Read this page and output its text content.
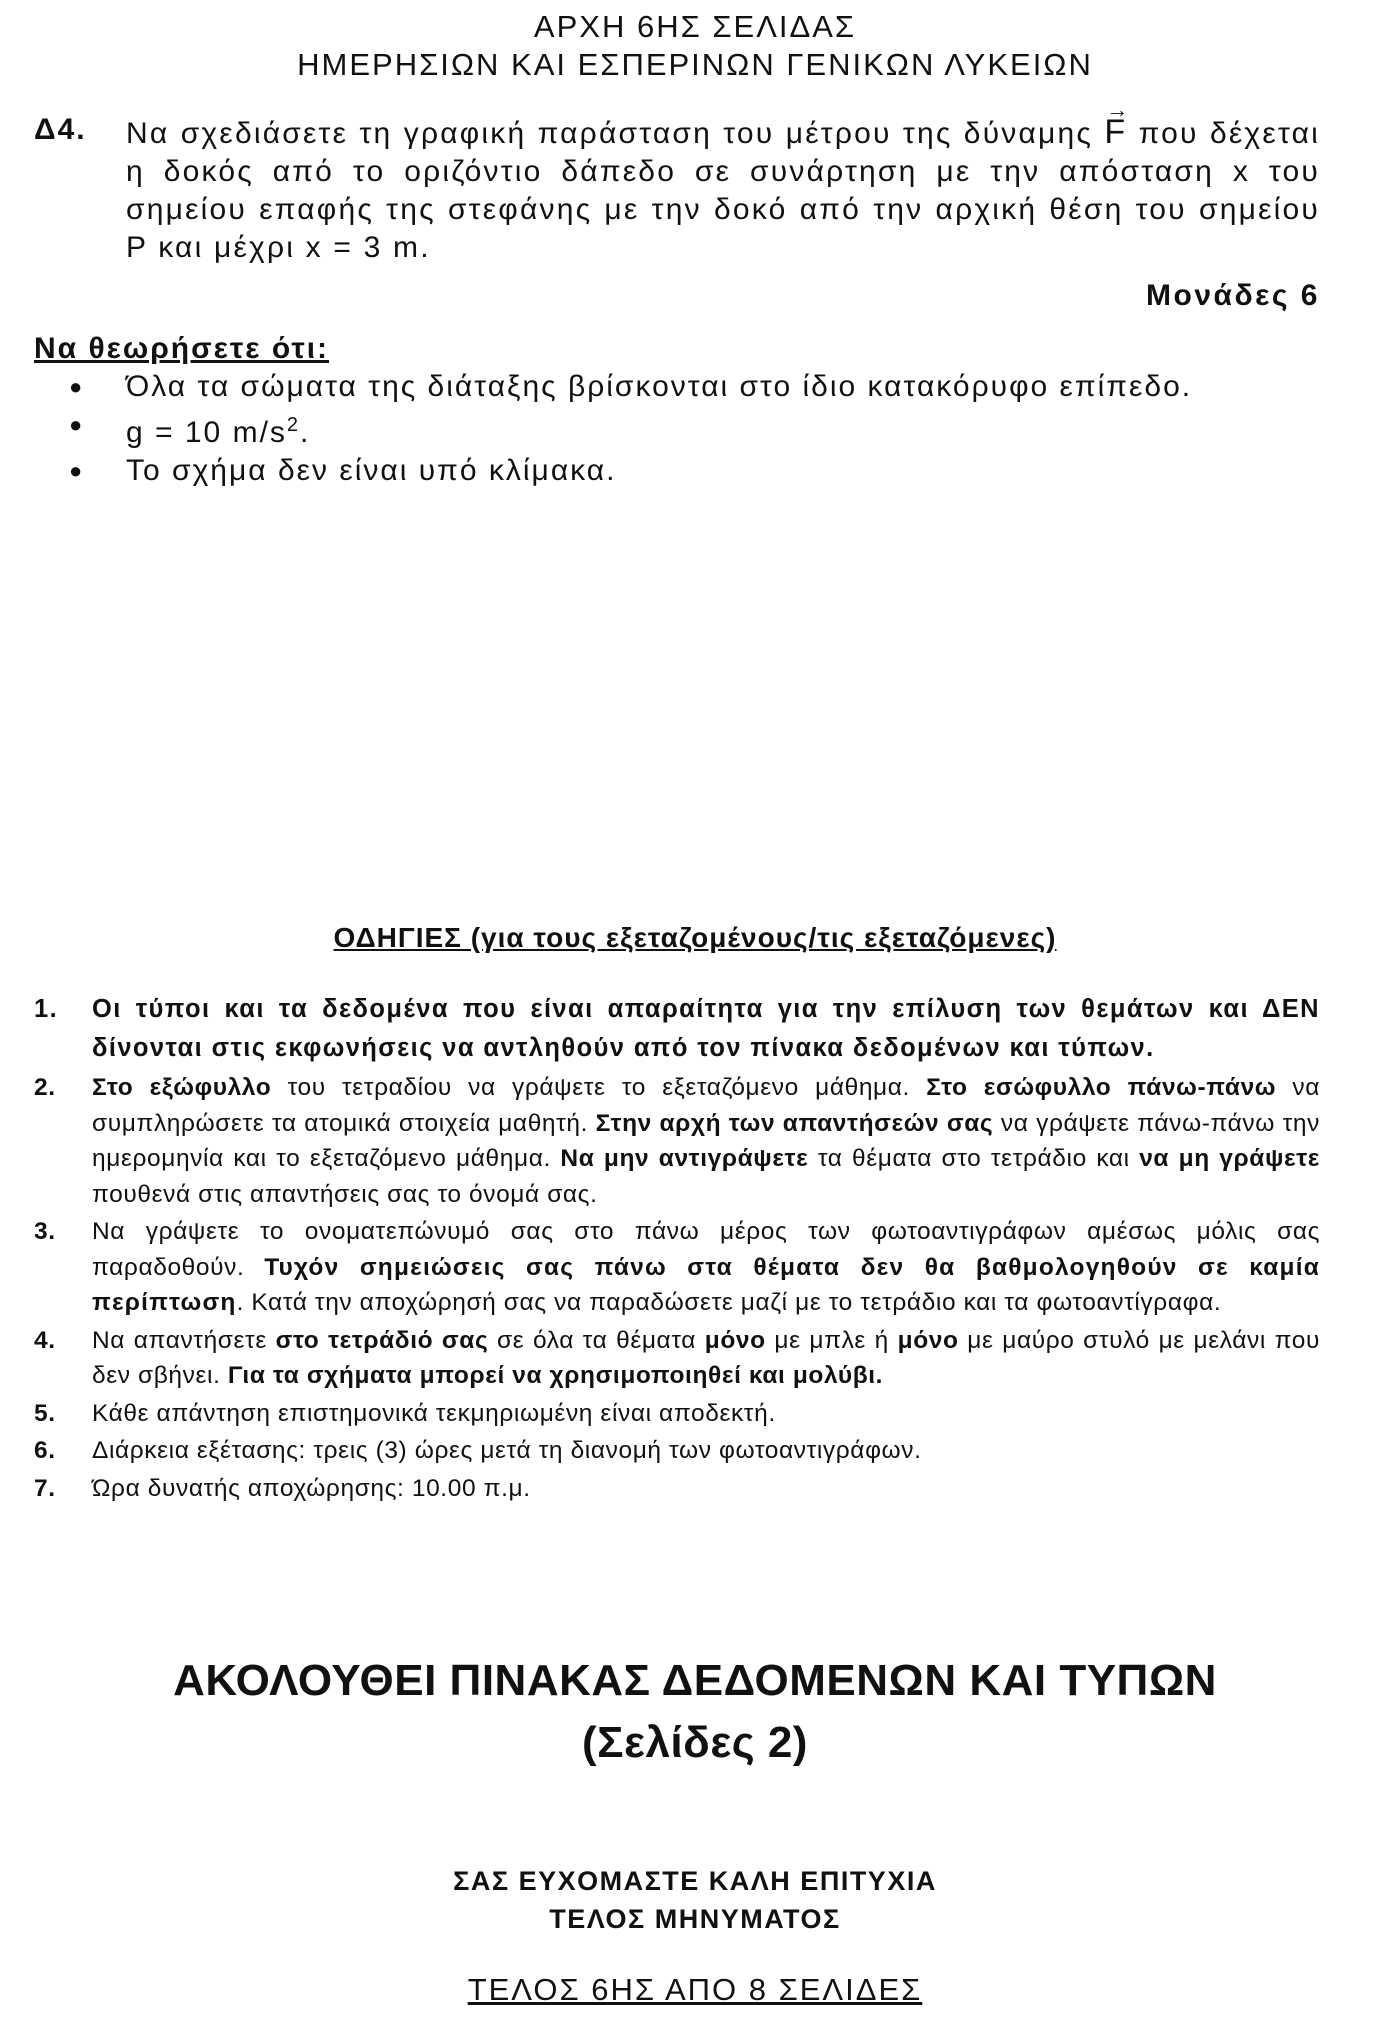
ΑΡΧΗ 6ΗΣ ΣΕΛΙΔΑΣ
ΗΜΕΡΗΣΙΩΝ ΚΑΙ ΕΣΠΕΡΙΝΩΝ ΓΕΝΙΚΩΝ ΛΥΚΕΙΩΝ
Δ4. Να σχεδιάσετε τη γραφική παράσταση του μέτρου της δύναμης → F που δέχεται η δοκός από το οριζόντιο δάπεδο σε συνάρτηση με την απόσταση x του σημείου επαφής της στεφάνης με την δοκό από την αρχική θέση του σημείου Ρ και μέχρι x = 3 m.

Μονάδες 6
Να θεωρήσετε ότι:
● Όλα τα σώματα της διάταξης βρίσκονται στο ίδιο κατακόρυφο επίπεδο.
● g = 10 $m/s^2$.
● Το σχήμα δεν είναι υπό κλίμακα.
ΟΔΗΓΙΕΣ (για τους εξεταζομένους/τις εξεταζόμενες)
1. Οι τύποι και τα δεδομένα που είναι απαραίτητα για την επίλυση των θεμάτων και ΔΕΝ δίνονται στις εκφωνήσεις να αντληθούν από τον πίνακα δεδομένων και τύπων.
2. Στο εξώφυλλο του τετραδίου να γράψετε το εξεταζόμενο μάθημα. Στο εσώφυλλο πάνω-πάνω να συμπληρώσετε τα ατομικά στοιχεία μαθητή. Στην αρχή των απαντήσεών σας να γράψετε πάνω-πάνω την ημερομηνία και το εξεταζόμενο μάθημα. Να μην αντιγράψετε τα θέματα στο τετράδιο και να μη γράψετε πουθενά στις απαντήσεις σας το όνομά σας.
3. Να γράψετε το ονοματεπώνυμό σας στο πάνω μέρος των φωτοαντιγράφων αμέσως μόλις σας παραδοθούν. Τυχόν σημειώσεις σας πάνω στα θέματα δεν θα βαθμολογηθούν σε καμία περίπτωση. Κατά την αποχώρησή σας να παραδώσετε μαζί με το τετράδιο και τα φωτοαντίγραφα.
4. Να απαντήσετε στο τετράδιό σας σε όλα τα θέματα μόνο με μπλε ή μόνο με μαύρο στυλό με μελάνι που δεν σβήνει. Για τα σχήματα μπορεί να χρησιμοποιηθεί και μολύβι.
5. Κάθε απάντηση επιστημονικά τεκμηριωμένη είναι αποδεκτή.
6. Διάρκεια εξέτασης: τρεις (3) ώρες μετά τη διανομή των φωτοαντιγράφων.
7. Ώρα δυνατής αποχώρησης: 10.00 π.μ.
ΑΚΟΛΟΥΘΕΙ ΠΙΝΑΚΑΣ ΔΕΔΟΜΕΝΩΝ ΚΑΙ ΤΥΠΩΝ
(Σελίδες 2)
ΣΑΣ ΕΥΧΟΜΑΣΤΕ ΚΑΛΗ ΕΠΙΤΥΧΙΑ
ΤΕΛΟΣ ΜΗΝΥΜΑΤΟΣ
ΤΕΛΟΣ 6ΗΣ ΑΠΟ 8 ΣΕΛΙΔΕΣ
